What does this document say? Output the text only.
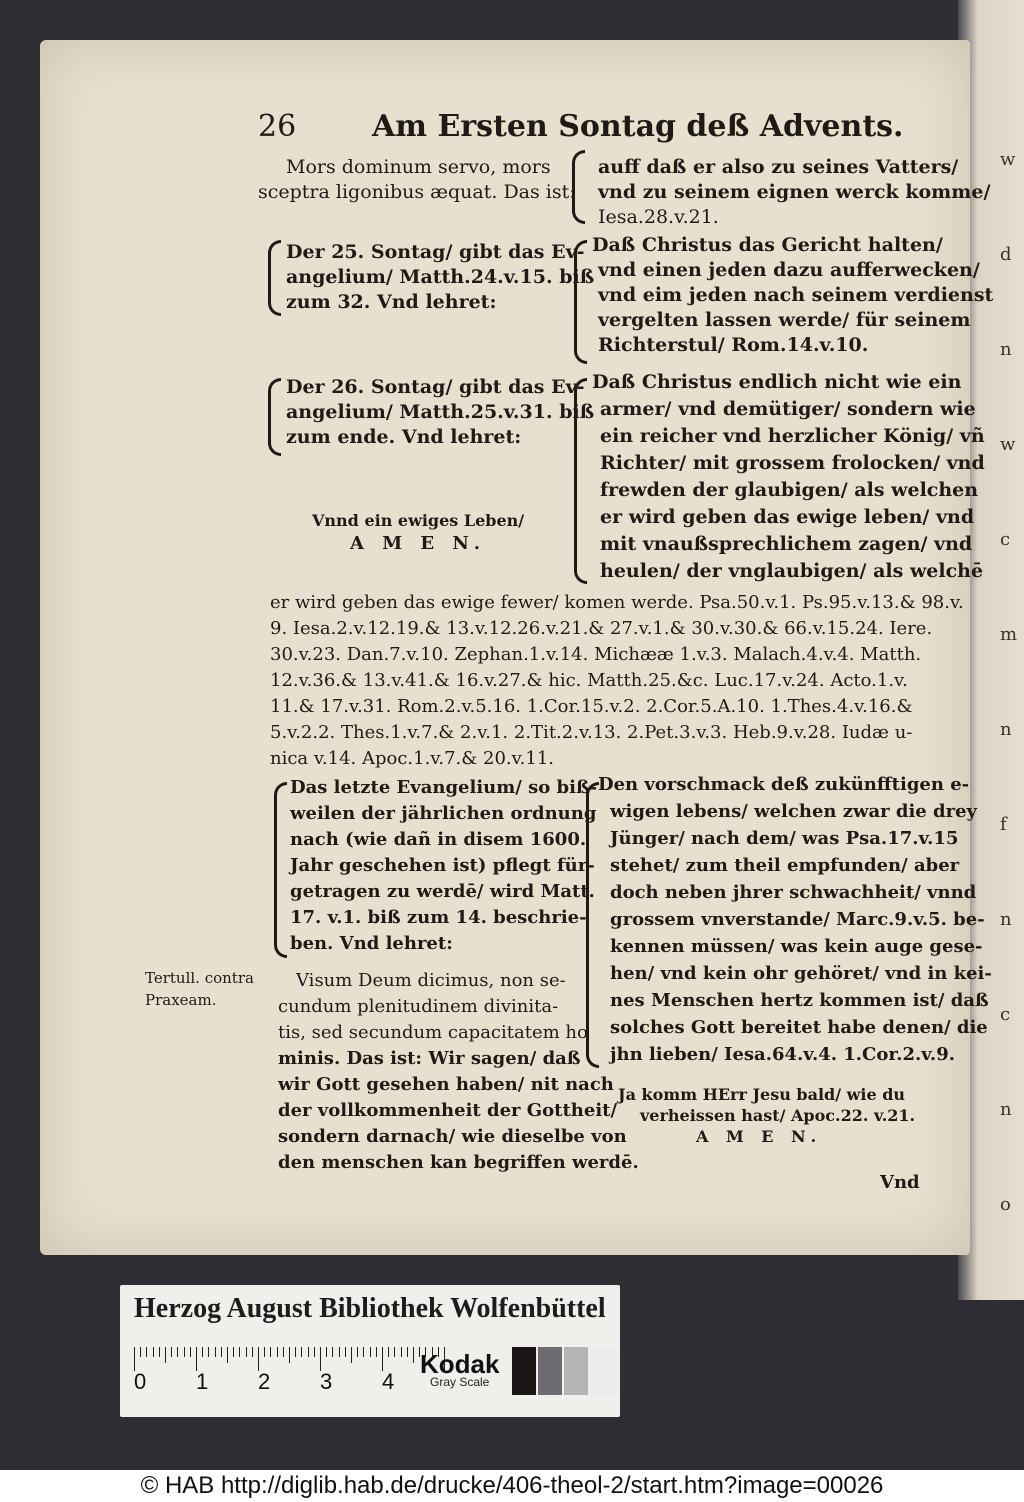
w
d
n
w
c
m
n
f
n
c
n
o
26	Am Ersten Sontag deß Advents.
Mors dominum servo, mors
sceptra ligonibus æquat. Das ist:
auff daß er also zu seines Vatters/
vnd zu seinem eignen werck komme/
Iesa.28.v.21.
Der 25. Sontag/ gibt das Ev-
angelium/ Matth.24.v.15. biß
zum 32. Vnd lehret:
Daß Christus das Gericht halten/
vnd einen jeden dazu aufferwecken/
vnd eim jeden nach seinem verdienst
vergelten lassen werde/ für seinem
Richterstul/ Rom.14.v.10.
Der 26. Sontag/ gibt das Ev-
angelium/ Matth.25.v.31. biß
zum ende. Vnd lehret:
Vnnd ein ewiges Leben/
A M E N.
Daß Christus endlich nicht wie ein
armer/ vnd demütiger/ sondern wie
ein reicher vnd herzlicher König/ vñ
Richter/ mit grossem frolocken/ vnd
frewden der glaubigen/ als welchen
er wird geben das ewige leben/ vnd
mit vnaußsprechlichem zagen/ vnd
heulen/ der vnglaubigen/ als welchē
er wird geben das ewige fewer/ komen werde. Psa.50.v.1. Ps.95.v.13.& 98.v.
9. Iesa.2.v.12.19.& 13.v.12.26.v.21.& 27.v.1.& 30.v.30.& 66.v.15.24. Iere.
30.v.23. Dan.7.v.10. Zephan.1.v.14. Michææ 1.v.3. Malach.4.v.4. Matth.
12.v.36.& 13.v.41.& 16.v.27.& hic. Matth.25.&c. Luc.17.v.24. Acto.1.v.
11.& 17.v.31. Rom.2.v.5.16. 1.Cor.15.v.2. 2.Cor.5.A.10. 1.Thes.4.v.16.&
5.v.2.2. Thes.1.v.7.& 2.v.1. 2.Tit.2.v.13. 2.Pet.3.v.3. Heb.9.v.28. Iudæ u-
nica v.14. Apoc.1.v.7.& 20.v.11.
Das letzte Evangelium/ so biß-
weilen der jährlichen ordnung
nach (wie dañ in disem 1600.
Jahr geschehen ist) pflegt für-
getragen zu werdē/ wird Matt.
17. v.1. biß zum 14. beschrie-
ben. Vnd lehret:
Tertull. contra
Praxeam.
Visum Deum dicimus, non se-
cundum plenitudinem divinita-
tis, sed secundum capacitatem ho
minis. Das ist: Wir sagen/ daß
wir Gott gesehen haben/ nit nach
der vollkommenheit der Gottheit/
sondern darnach/ wie dieselbe von
den menschen kan begriffen werdē.
Den vorschmack deß zukünfftigen e-
wigen lebens/ welchen zwar die drey
Jünger/ nach dem/ was Psa.17.v.15
stehet/ zum theil empfunden/ aber
doch neben jhrer schwachheit/ vnnd
grossem vnverstande/ Marc.9.v.5. be-
kennen müssen/ was kein auge gese-
hen/ vnd kein ohr gehöret/ vnd in kei-
nes Menschen hertz kommen ist/ daß
solches Gott bereitet habe denen/ die
jhn lieben/ Iesa.64.v.4. 1.Cor.2.v.9.
Ja komm HErr Jesu bald/ wie du
verheissen hast/ Apoc.22. v.21.
A M E N.
Vnd
Herzog August Bibliothek Wolfenbüttel
0 1 2 3 4
Kodak
Gray Scale
© HAB http://diglib.hab.de/drucke/406-theol-2/start.htm?image=00026
